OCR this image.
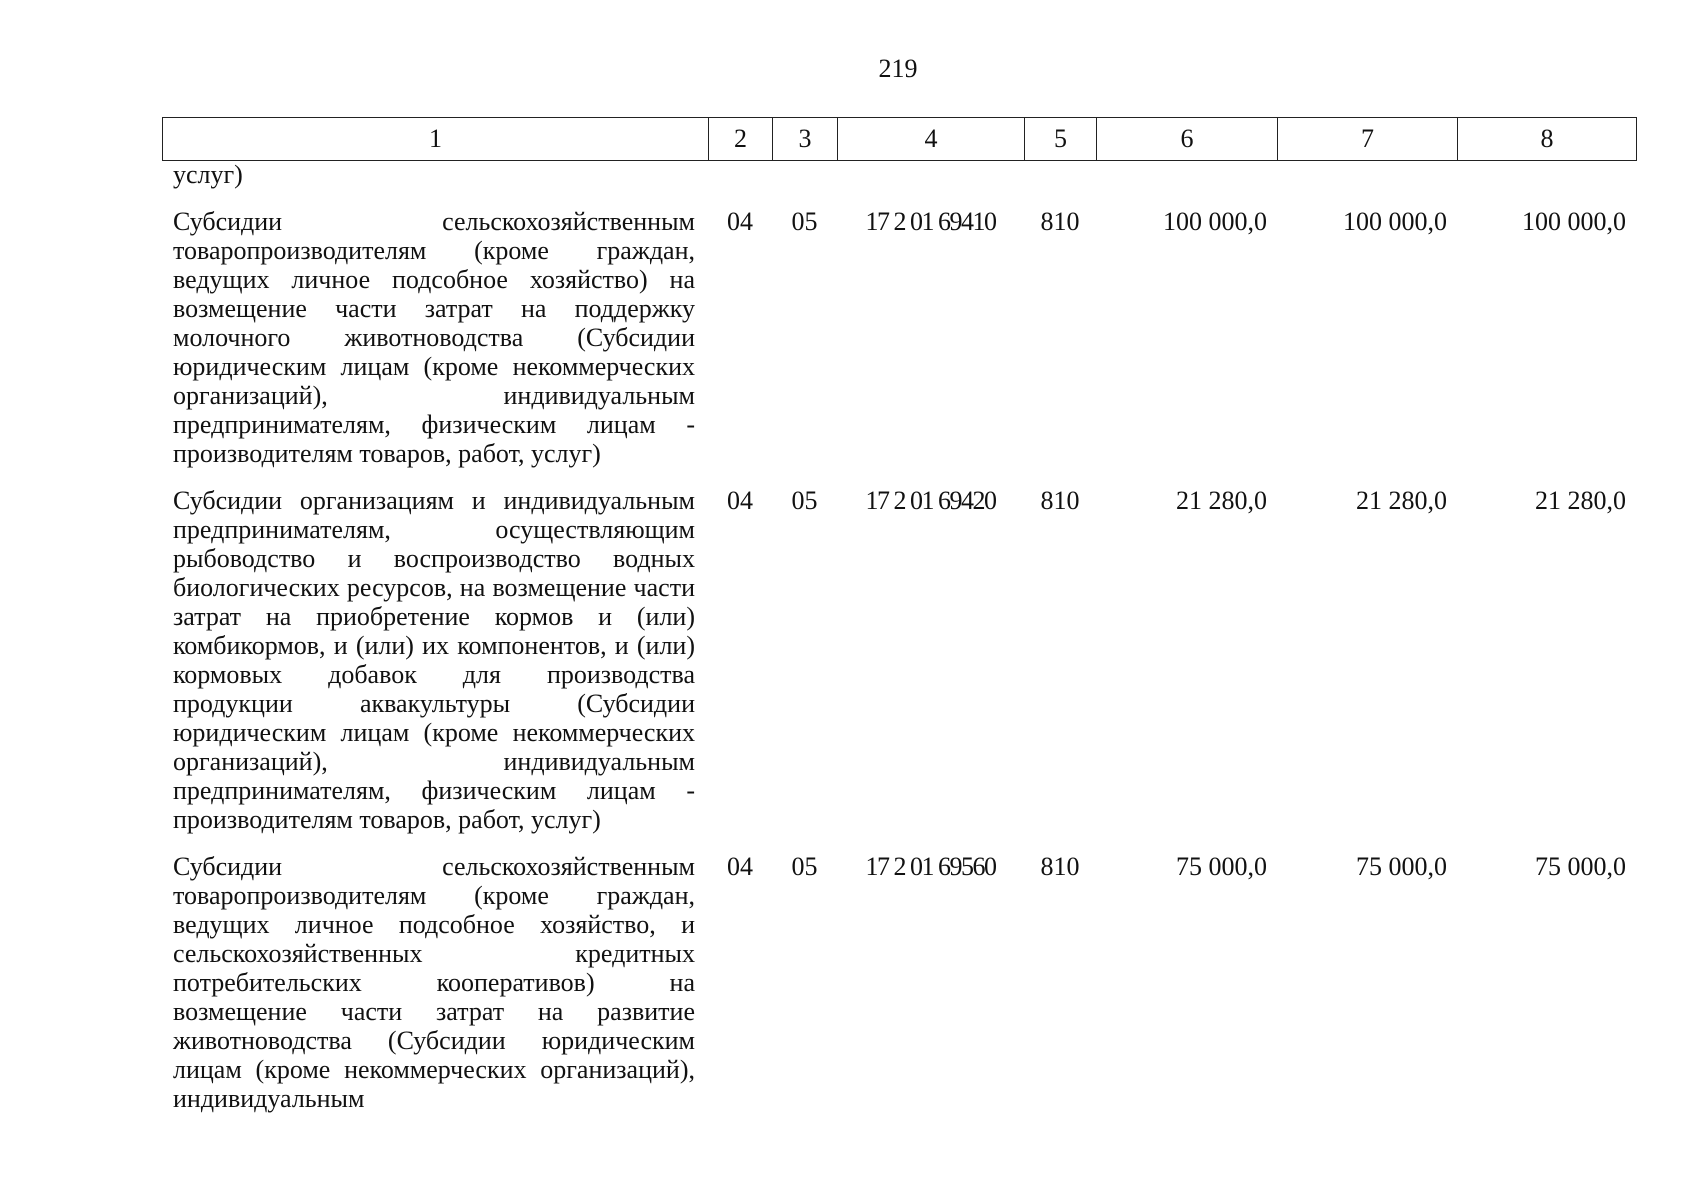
219
1	2	3	4	5	6	7	8
услуг)
Субсидии сельскохозяйственным товаропроизводителям (кроме граждан, ведущих личное подсобное хозяйство) на возмещение части затрат на поддержку молочного животноводства (Субсидии юридическим лицам (кроме некоммерческих организаций), индивидуальным предпринимателям, физическим лицам - производителям товаров, работ, услуг)
04	05	17 2 01 69410	810	100 000,0	100 000,0	100 000,0
Субсидии организациям и индивидуальным предпринимателям, осуществляющим рыбоводство и воспроизводство водных биологических ресурсов, на возмещение части затрат на приобретение кормов и (или) комбикормов, и (или) их компонентов, и (или) кормовых добавок для производства продукции аквакультуры (Субсидии юридическим лицам (кроме некоммерческих организаций), индивидуальным предпринимателям, физическим лицам - производителям товаров, работ, услуг)
04	05	17 2 01 69420	810	21 280,0	21 280,0	21 280,0
Субсидии сельскохозяйственным товаропроизводителям (кроме граждан, ведущих личное подсобное хозяйство, и сельскохозяйственных кредитных потребительских кооперативов) на возмещение части затрат на развитие животноводства (Субсидии юридическим лицам (кроме некоммерческих организаций), индивидуальным
04	05	17 2 01 69560	810	75 000,0	75 000,0	75 000,0
